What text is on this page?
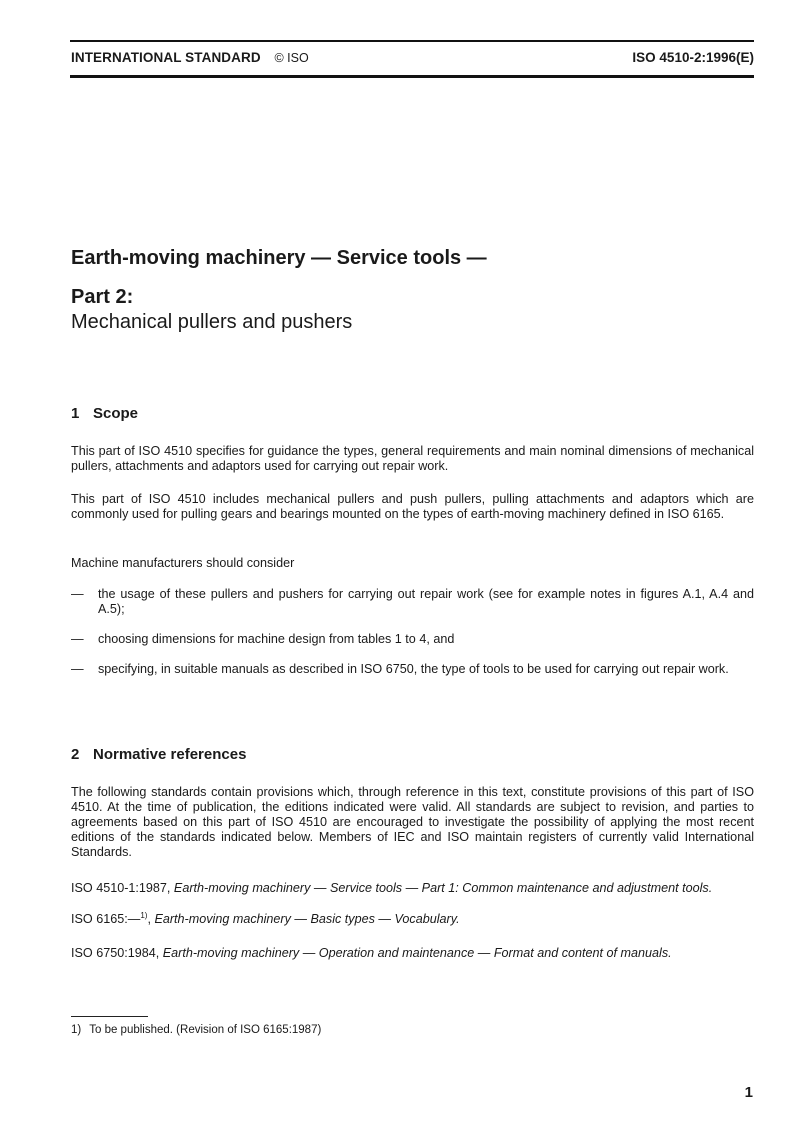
INTERNATIONAL STANDARD © ISO	ISO 4510-2:1996(E)
Earth-moving machinery — Service tools —
Part 2:
Mechanical pullers and pushers
1 Scope
This part of ISO 4510 specifies for guidance the types, general requirements and main nominal dimensions of mechanical pullers, attachments and adaptors used for carrying out repair work.
This part of ISO 4510 includes mechanical pullers and push pullers, pulling attachments and adaptors which are commonly used for pulling gears and bearings mounted on the types of earth-moving machinery defined in ISO 6165.
Machine manufacturers should consider
— the usage of these pullers and pushers for carrying out repair work (see for example notes in figures A.1, A.4 and A.5);
— choosing dimensions for machine design from tables 1 to 4, and
— specifying, in suitable manuals as described in ISO 6750, the type of tools to be used for carrying out repair work.
2 Normative references
The following standards contain provisions which, through reference in this text, constitute provisions of this part of ISO 4510. At the time of publication, the editions indicated were valid. All standards are subject to revision, and parties to agreements based on this part of ISO 4510 are encouraged to investigate the possibility of applying the most recent editions of the standards indicated below. Members of IEC and ISO maintain registers of currently valid International Standards.
ISO 4510-1:1987, Earth-moving machinery — Service tools — Part 1: Common maintenance and adjustment tools.
ISO 6165:—$^{1)}$, Earth-moving machinery — Basic types — Vocabulary.
ISO 6750:1984, Earth-moving machinery — Operation and maintenance — Format and content of manuals.
1) To be published. (Revision of ISO 6165:1987)
1
